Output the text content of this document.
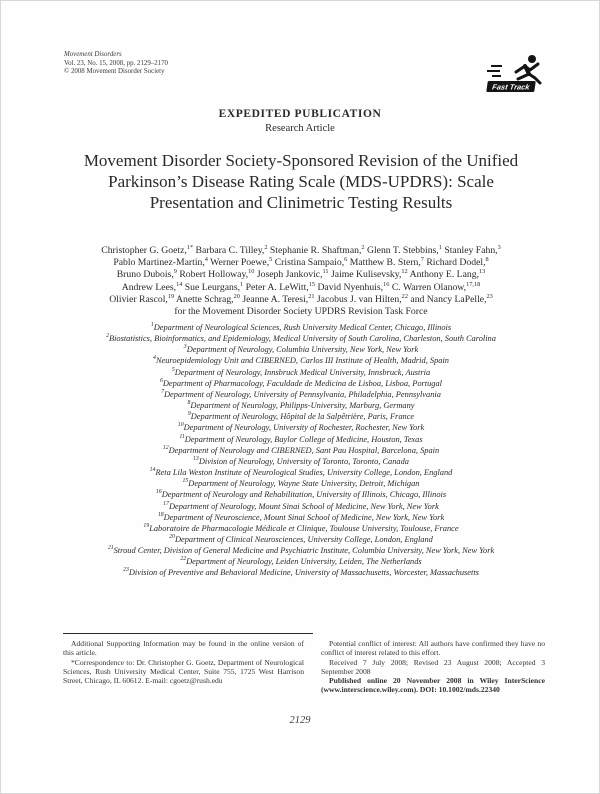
Movement Disorders
Vol. 23, No. 15, 2008, pp. 2129–2170
© 2008 Movement Disorder Society
Fast Track
EXPEDITED PUBLICATION
Research Article
Movement Disorder Society-Sponsored Revision of the Unified
Parkinson’s Disease Rating Scale (MDS-UPDRS): Scale
Presentation and Clinimetric Testing Results
Christopher G. Goetz,$^{1*}$ Barbara C. Tilley,$^2$ Stephanie R. Shaftman,$^2$ Glenn T. Stebbins,$^1$ Stanley Fahn,$^3$
Pablo Martinez-Martin,$^4$ Werner Poewe,$^5$ Cristina Sampaio,$^6$ Matthew B. Stern,$^7$ Richard Dodel,$^8$
Bruno Dubois,$^9$ Robert Holloway,$^{10}$ Joseph Jankovic,$^{11}$ Jaime Kulisevsky,$^{12}$ Anthony E. Lang,$^{13}$
Andrew Lees,$^{14}$ Sue Leurgans,$^1$ Peter A. LeWitt,$^{15}$ David Nyenhuis,$^{16}$ C. Warren Olanow,$^{17,18}$
Olivier Rascol,$^{19}$ Anette Schrag,$^{20}$ Jeanne A. Teresi,$^{21}$ Jacobus J. van Hilten,$^{22}$ and Nancy LaPelle,$^{23}$
for the Movement Disorder Society UPDRS Revision Task Force
$^1$Department of Neurological Sciences, Rush University Medical Center, Chicago, Illinois
$^2$Biostatistics, Bioinformatics, and Epidemiology, Medical University of South Carolina, Charleston, South Carolina
$^3$Department of Neurology, Columbia University, New York, New York
$^4$Neuroepidemiology Unit and CIBERNED, Carlos III Institute of Health, Madrid, Spain
$^5$Department of Neurology, Innsbruck Medical University, Innsbruck, Austria
$^6$Department of Pharmacology, Faculdade de Medicina de Lisboa, Lisboa, Portugal
$^7$Department of Neurology, University of Pennsylvania, Philadelphia, Pennsylvania
$^8$Department of Neurology, Philipps-University, Marburg, Germany
$^9$Department of Neurology, Hôpital de la Salpêtrière, Paris, France
$^{10}$Department of Neurology, University of Rochester, Rochester, New York
$^{11}$Department of Neurology, Baylor College of Medicine, Houston, Texas
$^{12}$Department of Neurology and CIBERNED, Sant Pau Hospital, Barcelona, Spain
$^{13}$Division of Neurology, University of Toronto, Toronto, Canada
$^{14}$Reta Lila Weston Institute of Neurological Studies, University College, London, England
$^{15}$Department of Neurology, Wayne State University, Detroit, Michigan
$^{16}$Department of Neurology and Rehabilitation, University of Illinois, Chicago, Illinois
$^{17}$Department of Neurology, Mount Sinai School of Medicine, New York, New York
$^{18}$Department of Neuroscience, Mount Sinai School of Medicine, New York, New York
$^{19}$Laboratoire de Pharmacologie Médicale et Clinique, Toulouse University, Toulouse, France
$^{20}$Department of Clinical Neurosciences, University College, London, England
$^{21}$Stroud Center, Division of General Medicine and Psychiatric Institute, Columbia University, New York, New York
$^{22}$Department of Neurology, Leiden University, Leiden, The Netherlands
$^{23}$Division of Preventive and Behavioral Medicine, University of Massachusetts, Worcester, Massachusetts

Additional Supporting Information may be found in the online version of this article.

*Correspondence to: Dr. Christopher G. Goetz, Department of Neurological Sciences, Rush University Medical Center, Suite 755, 1725 West Harrison Street, Chicago, IL 60612. E-mail: cgoetz@rush.edu

Potential conflict of interest: All authors have confirmed they have no conflict of interest related to this effort.

Received 7 July 2008; Revised 23 August 2008; Accepted 3 September 2008

Published online 20 November 2008 in Wiley InterScience (www.interscience.wiley.com). DOI: 10.1002/mds.22340

2129
